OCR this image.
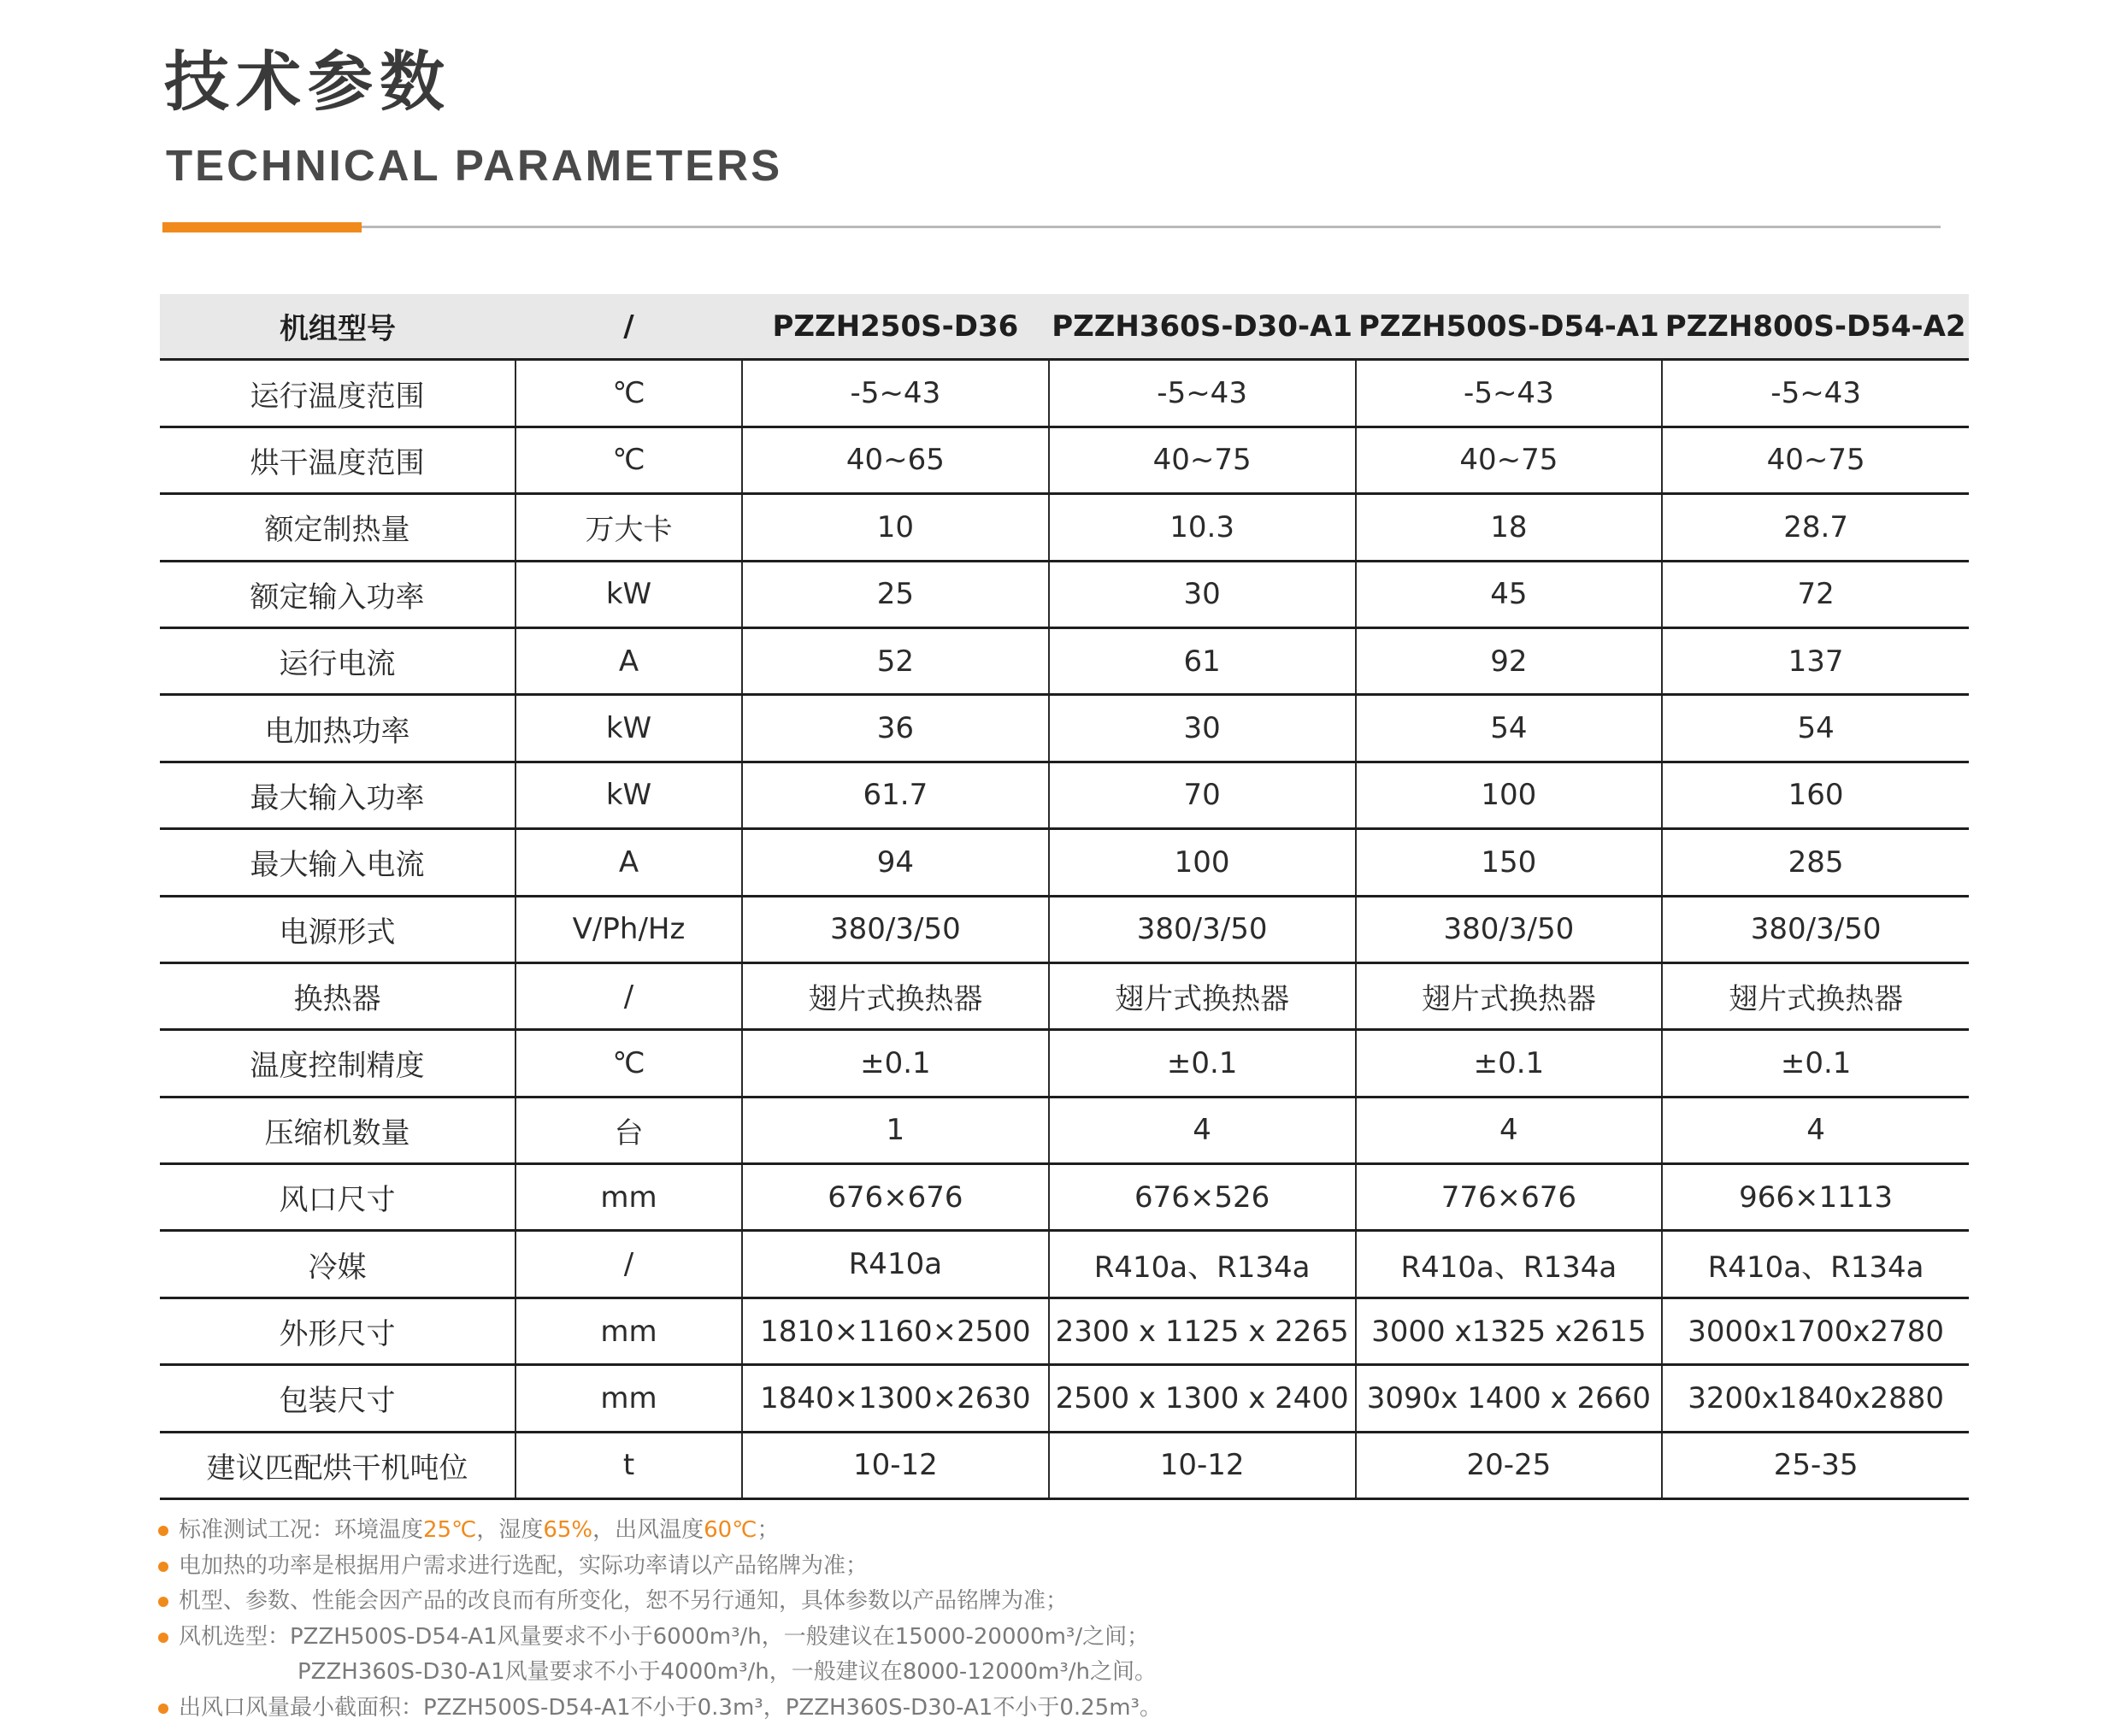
技术参数
TECHNICAL PARAMETERS
机组型号	/	PZZH250S-D36	PZZH360S-D30-A1	PZZH500S-D54-A1	PZZH800S-D54-A2
运行温度范围	℃	-5~43	-5~43	-5~43	-5~43
烘干温度范围	℃	40~65	40~75	40~75	40~75
额定制热量	万大卡	10	10.3	18	28.7
额定输入功率	kW	25	30	45	72
运行电流	A	52	61	92	137
电加热功率	kW	36	30	54	54
最大输入功率	kW	61.7	70	100	160
最大输入电流	A	94	100	150	285
电源形式	V/Ph/Hz	380/3/50	380/3/50	380/3/50	380/3/50
换热器	/	翅片式换热器	翅片式换热器	翅片式换热器	翅片式换热器
温度控制精度	℃	±0.1	±0.1	±0.1	±0.1
压缩机数量	台	1	4	4	4
风口尺寸	mm	676×676	676×526	776×676	966×1113
冷媒	/	R410a	R410a、R134a	R410a、R134a	R410a、R134a
外形尺寸	mm	1810×1160×2500	2300 x 1125 x 2265	3000 x1325 x2615	3000x1700x2780
包装尺寸	mm	1840×1300×2630	2500 x 1300 x 2400	3090x 1400 x 2660	3200x1840x2880
建议匹配烘干机吨位	t	10-12	10-12	20-25	25-35
标准测试工况：环境温度25℃，湿度65%，出风温度60℃；
电加热的功率是根据用户需求进行选配，实际功率请以产品铭牌为准；
机型、参数、性能会因产品的改良而有所变化，恕不另行通知，具体参数以产品铭牌为准；
风机选型：PZZH500S-D54-A1风量要求不小于6000m³/h，一般建议在15000-20000m³/之间；
PZZH360S-D30-A1风量要求不小于4000m³/h，一般建议在8000-12000m³/h之间。
出风口风量最小截面积：PZZH500S-D54-A1不小于0.3m³，PZZH360S-D30-A1不小于0.25m³。
